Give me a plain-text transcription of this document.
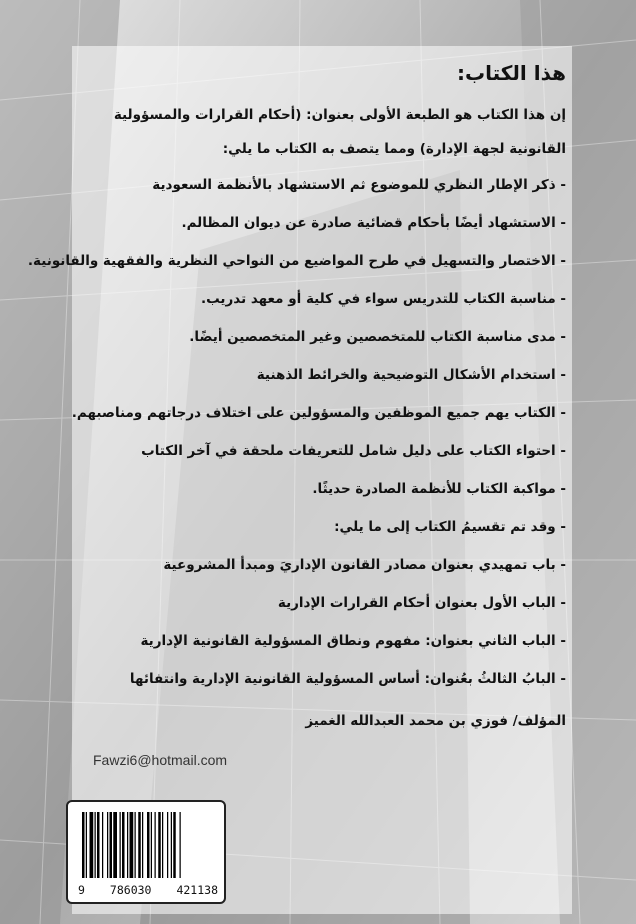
هذا الكتاب:

إن هذا الكتاب هو الطبعة الأولى بعنوان: (أحكام القرارات والمسؤولية القانونية لجهة الإدارة) ومما يتصف به الكتاب ما يلي:

- ذكر الإطار النظري للموضوع ثم الاستشهاد بالأنظمة السعودية
- الاستشهاد أيضًا بأحكام قضائية صادرة عن ديوان المظالم.
- الاختصار والتسهيل في طرح المواضيع من النواحي النظرية والفقهية والقانونية.
- مناسبة الكتاب للتدريس سواء في كلية أو معهد تدريب.
- مدى مناسبة الكتاب للمتخصصين وغير المتخصصين أيضًا.
- استخدام الأشكال التوضيحية والخرائط الذهنية
- الكتاب يهم جميع الموظفين والمسؤولين على اختلاف درجاتهم ومناصبهم.
- احتواء الكتاب على دليل شامل للتعريفات ملحقة في آخر الكتاب
- مواكبة الكتاب للأنظمة الصادرة حديثًا.
- وقد تم تقسيمُ الكتاب إلى ما يلي:
- باب تمهيدي بعنوان مصادر القانون الإداريَ ومبدأ المشروعية
- الباب الأول بعنوان أحكام القرارات الإدارية
- الباب الثاني بعنوان: مفهوم ونطاق المسؤولية القانونية الإدارية
- البابُ الثالثُ بعُنوان: أساس المسؤولية القانونية الإدارية وانتفائها
المؤلف/ فوزي بن محمد العبدالله الغميز
Fawzi6@hotmail.com
9 786030 421138
